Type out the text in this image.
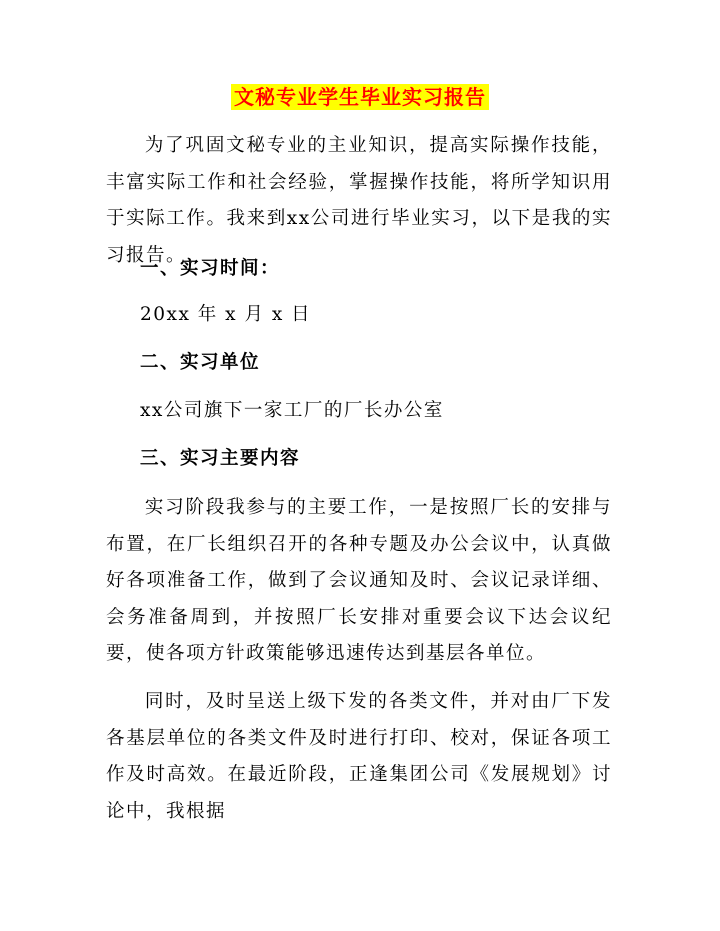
文秘专业学生毕业实习报告

为了巩固文秘专业的主业知识，提高实际操作技能，丰富实际工作和社会经验，掌握操作技能，将所学知识用于实际工作。我来到xx公司进行毕业实习，以下是我的实习报告。

一、实习时间：

20xx 年 x 月 x 日

二、实习单位

xx公司旗下一家工厂的厂长办公室

三、实习主要内容

实习阶段我参与的主要工作，一是按照厂长的安排与布置，在厂长组织召开的各种专题及办公会议中，认真做好各项准备工作，做到了会议通知及时、会议记录详细、会务准备周到，并按照厂长安排对重要会议下达会议纪要，使各项方针政策能够迅速传达到基层各单位。

同时，及时呈送上级下发的各类文件，并对由厂下发各基层单位的各类文件及时进行打印、校对，保证各项工作及时高效。在最近阶段，正逢集团公司《发展规划》讨论中，我根据
